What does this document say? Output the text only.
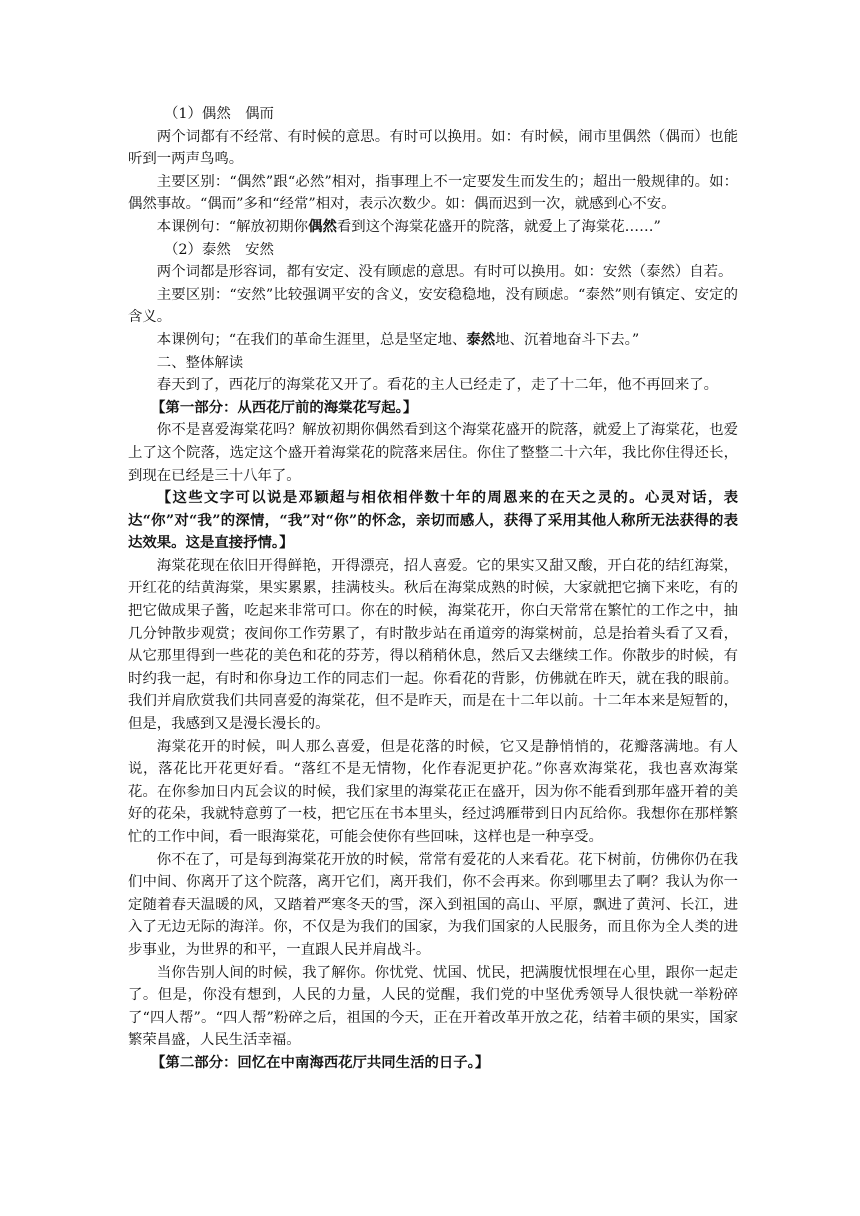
（1）偶然　偶而

两个词都有不经常、有时候的意思。有时可以换用。如：有时候，闹市里偶然（偶而）也能听到一两声鸟鸣。

主要区别：“偶然”跟“必然”相对，指事理上不一定要发生而发生的；超出一般规律的。如：偶然事故。“偶而”多和“经常”相对，表示次数少。如：偶而迟到一次，就感到心不安。

本课例句：“解放初期你偶然看到这个海棠花盛开的院落，就爱上了海棠花……”

（2）泰然　安然

两个词都是形容词，都有安定、没有顾虑的意思。有时可以换用。如：安然（泰然）自若。

主要区别：“安然”比较强调平安的含义，安安稳稳地，没有顾虑。“泰然”则有镇定、安定的含义。

本课例句；“在我们的革命生涯里，总是坚定地、泰然地、沉着地奋斗下去。”

二、整体解读

春天到了，西花厅的海棠花又开了。看花的主人已经走了，走了十二年，他不再回来了。

【第一部分：从西花厅前的海棠花写起。】

你不是喜爱海棠花吗？解放初期你偶然看到这个海棠花盛开的院落，就爱上了海棠花，也爱上了这个院落，选定这个盛开着海棠花的院落来居住。你住了整整二十六年，我比你住得还长，到现在已经是三十八年了。

【这些文字可以说是邓颖超与相依相伴数十年的周恩来的在天之灵的。心灵对话，表达“你”对“我”的深情，“我”对“你”的怀念，亲切而感人，获得了采用其他人称所无法获得的表达效果。这是直接抒情。】

海棠花现在依旧开得鲜艳，开得漂亮，招人喜爱。它的果实又甜又酸，开白花的结红海棠，开红花的结黄海棠，果实累累，挂满枝头。秋后在海棠成熟的时候，大家就把它摘下来吃，有的把它做成果子酱，吃起来非常可口。你在的时候，海棠花开，你白天常常在繁忙的工作之中，抽几分钟散步观赏；夜间你工作劳累了，有时散步站在甬道旁的海棠树前，总是抬着头看了又看，从它那里得到一些花的美色和花的芬芳，得以稍稍休息，然后又去继续工作。你散步的时候，有时约我一起，有时和你身边工作的同志们一起。你看花的背影，仿佛就在昨天，就在我的眼前。我们并肩欣赏我们共同喜爱的海棠花，但不是昨天，而是在十二年以前。十二年本来是短暂的，但是，我感到又是漫长漫长的。

海棠花开的时候，叫人那么喜爱，但是花落的时候，它又是静悄悄的，花瓣落满地。有人说，落花比开花更好看。“落红不是无情物，化作春泥更护花。”你喜欢海棠花，我也喜欢海棠花。在你参加日内瓦会议的时候，我们家里的海棠花正在盛开，因为你不能看到那年盛开着的美好的花朵，我就特意剪了一枝，把它压在书本里头，经过鸿雁带到日内瓦给你。我想你在那样繁忙的工作中间，看一眼海棠花，可能会使你有些回味，这样也是一种享受。

你不在了，可是每到海棠花开放的时候，常常有爱花的人来看花。花下树前，仿佛你仍在我们中间、你离开了这个院落，离开它们，离开我们，你不会再来。你到哪里去了啊？我认为你一定随着春天温暖的风，又踏着严寒冬天的雪，深入到祖国的高山、平原，飘进了黄河、长江，进入了无边无际的海洋。你，不仅是为我们的国家，为我们国家的人民服务，而且你为全人类的进步事业，为世界的和平，一直跟人民并肩战斗。

当你告别人间的时候，我了解你。你忧党、忧国、忧民，把满腹忧恨埋在心里，跟你一起走了。但是，你没有想到，人民的力量，人民的觉醒，我们党的中坚优秀领导人很快就一举粉碎了“四人帮”。“四人帮”粉碎之后，祖国的今天，正在开着改革开放之花，结着丰硕的果实，国家繁荣昌盛，人民生活幸福。

【第二部分：回忆在中南海西花厅共同生活的日子。】
